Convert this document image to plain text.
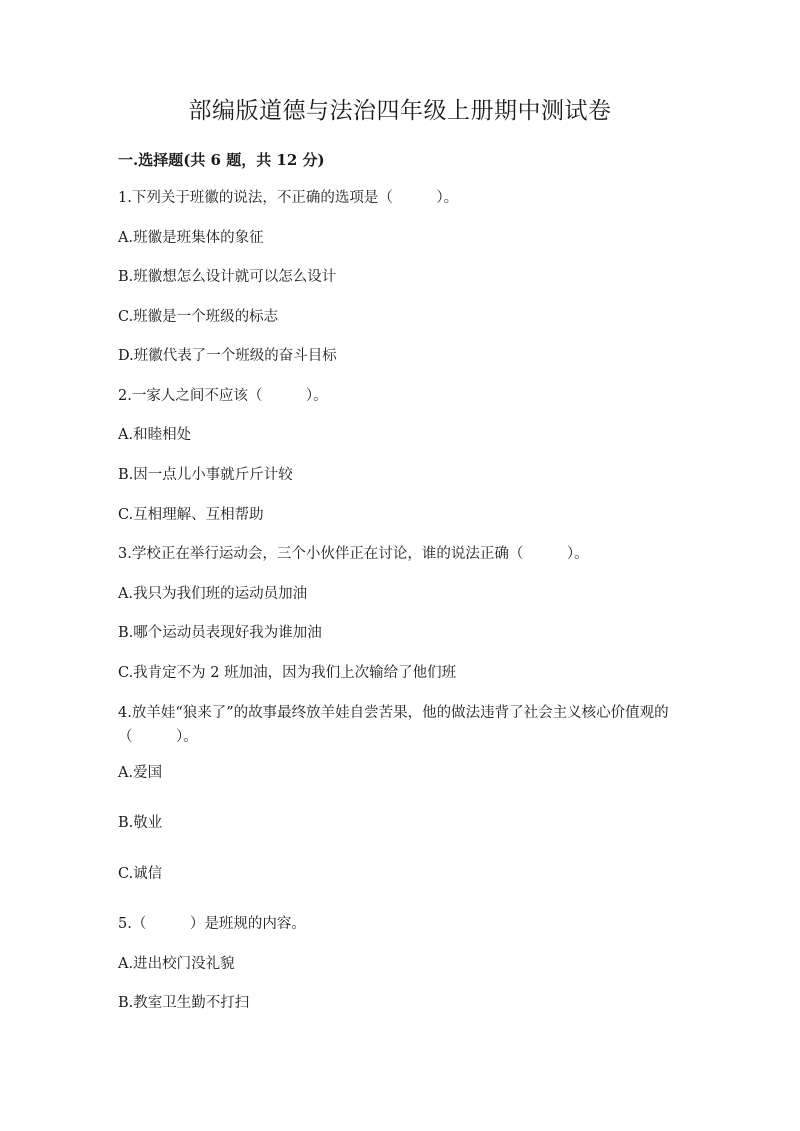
部编版道德与法治四年级上册期中测试卷
一.选择题(共 6 题，共 12 分)
1.下列关于班徽的说法，不正确的选项是（　　　）。
A.班徽是班集体的象征
B.班徽想怎么设计就可以怎么设计
C.班徽是一个班级的标志
D.班徽代表了一个班级的奋斗目标
2.一家人之间不应该（　　　）。
A.和睦相处
B.因一点儿小事就斤斤计较
C.互相理解、互相帮助
3.学校正在举行运动会，三个小伙伴正在讨论，谁的说法正确（　　　）。
A.我只为我们班的运动员加油
B.哪个运动员表现好我为谁加油
C.我肯定不为 2 班加油，因为我们上次输给了他们班
4.放羊娃“狼来了”的故事最终放羊娃自尝苦果，他的做法违背了社会主义核心价值观的（　　　）。
A.爱国
B.敬业
C.诚信
5.（　　　）是班规的内容。
A.进出校门没礼貌
B.教室卫生勤不打扫
